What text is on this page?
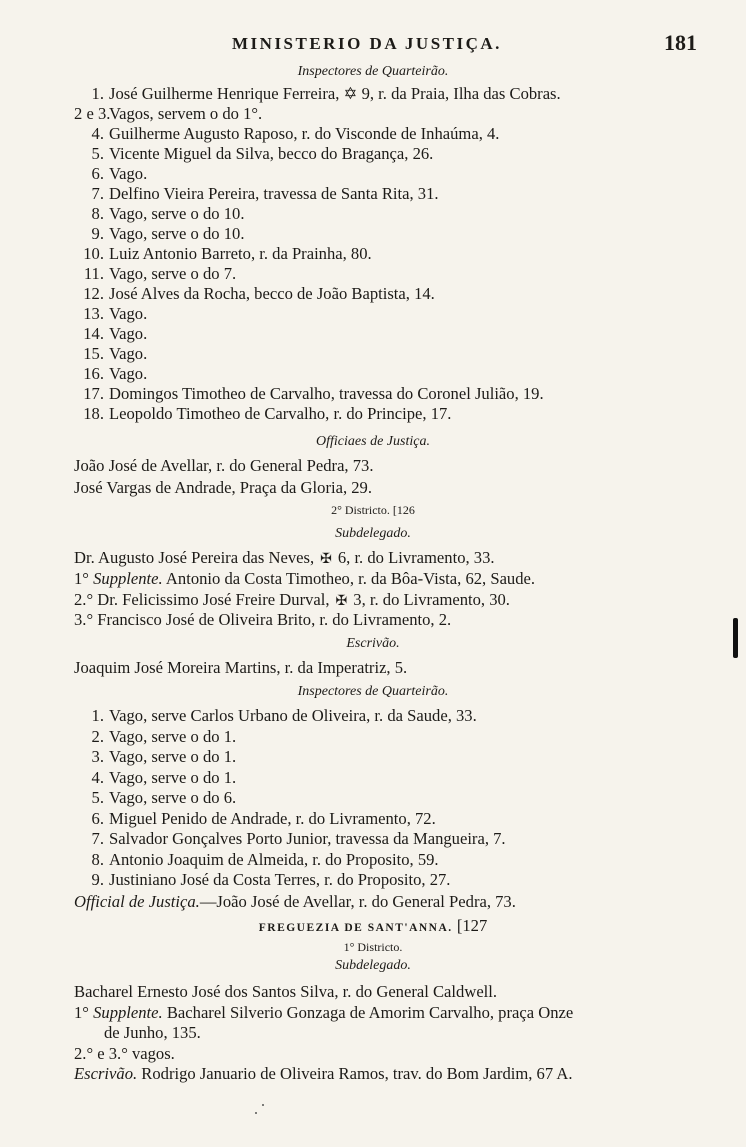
MINISTERIO DA JUSTIÇA.	181
Inspectores de Quarteirão.
1. José Guilherme Henrique Ferreira, ✡ 9, r. da Praia, Ilha das Cobras.
2 e 3.Vagos, servem o do 1°.
4. Guilherme Augusto Raposo, r. do Visconde de Inhaúma, 4.
5. Vicente Miguel da Silva, becco do Bragança, 26.
6. Vago.
7. Delfino Vieira Pereira, travessa de Santa Rita, 31.
8. Vago, serve o do 10.
9. Vago, serve o do 10.
10. Luiz Antonio Barreto, r. da Prainha, 80.
11. Vago, serve o do 7.
12. José Alves da Rocha, becco de João Baptista, 14.
13. Vago.
14. Vago.
15. Vago.
16. Vago.
17. Domingos Timotheo de Carvalho, travessa do Coronel Julião, 19.
18. Leopoldo Timotheo de Carvalho, r. do Principe, 17.
Officiaes de Justiça.
João José de Avellar, r. do General Pedra, 73.
José Vargas de Andrade, Praça da Gloria, 29.
2° Districto. [126
Subdelegado.
Dr. Augusto José Pereira das Neves, ✠ 6, r. do Livramento, 33.
1° Supplente. Antonio da Costa Timotheo, r. da Bôa-Vista, 62, Saude.
2.° Dr. Felicissimo José Freire Durval, ✠ 3, r. do Livramento, 30.
3.° Francisco José de Oliveira Brito, r. do Livramento, 2.
Escrivão.
Joaquim José Moreira Martins, r. da Imperatriz, 5.
Inspectores de Quarteirão.
1. Vago, serve Carlos Urbano de Oliveira, r. da Saude, 33.
2. Vago, serve o do 1.
3. Vago, serve o do 1.
4. Vago, serve o do 1.
5. Vago, serve o do 6.
6. Miguel Penido de Andrade, r. do Livramento, 72.
7. Salvador Gonçalves Porto Junior, travessa da Mangueira, 7.
8. Antonio Joaquim de Almeida, r. do Proposito, 59.
9. Justiniano José da Costa Terres, r. do Proposito, 27.
Official de Justiça.—João José de Avellar, r. do General Pedra, 73.
FREGUEZIA DE SANT'ANNA. [127
1° Districto.
Subdelegado.
Bacharel Ernesto José dos Santos Silva, r. do General Caldwell.
1° Supplente. Bacharel Silverio Gonzaga de Amorim Carvalho, praça Onze
de Junho, 135.
2.° e 3.° vagos.
Escrivão. Rodrigo Januario de Oliveira Ramos, trav. do Bom Jardim, 67 A.
